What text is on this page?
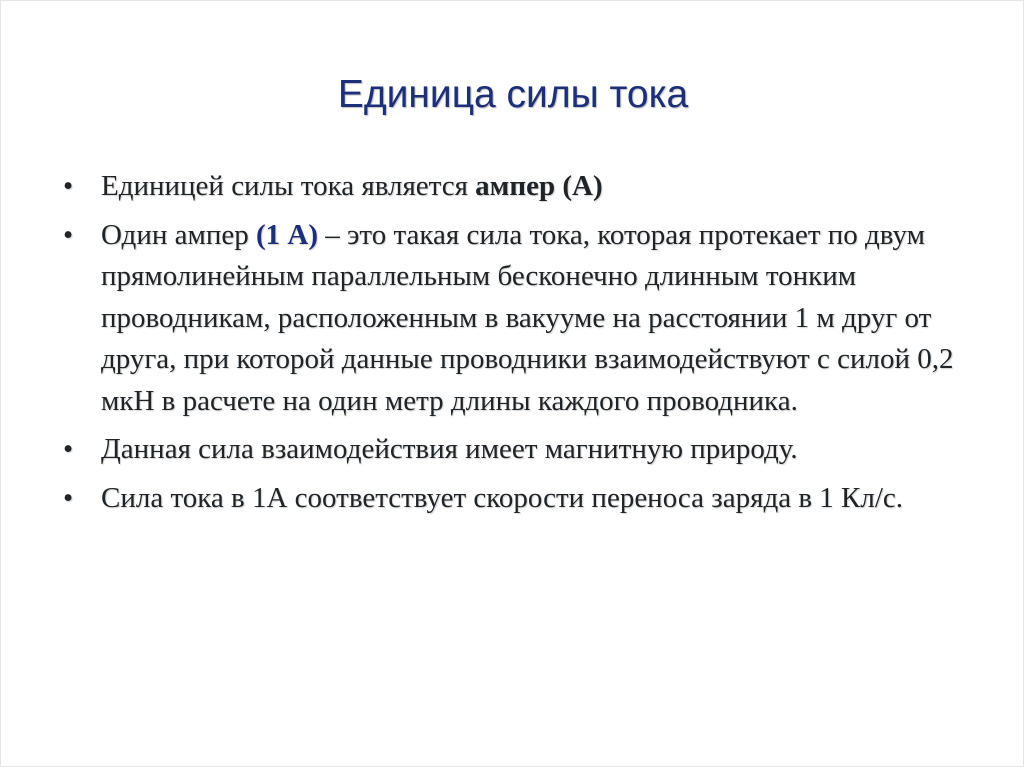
Единица силы тока
• Единицей силы тока является ампер (А)
• Один ампер (1 А) – это такая сила тока, которая протекает по двум прямолинейным параллельным бесконечно длинным тонким проводникам, расположенным в вакууме на расстоянии 1 м друг от друга, при которой данные проводники взаимодействуют с силой 0,2 мкН в расчете на один метр длины каждого проводника.
• Данная сила взаимодействия имеет магнитную природу.
• Сила тока в 1А соответствует скорости переноса заряда в 1 Кл/с.
